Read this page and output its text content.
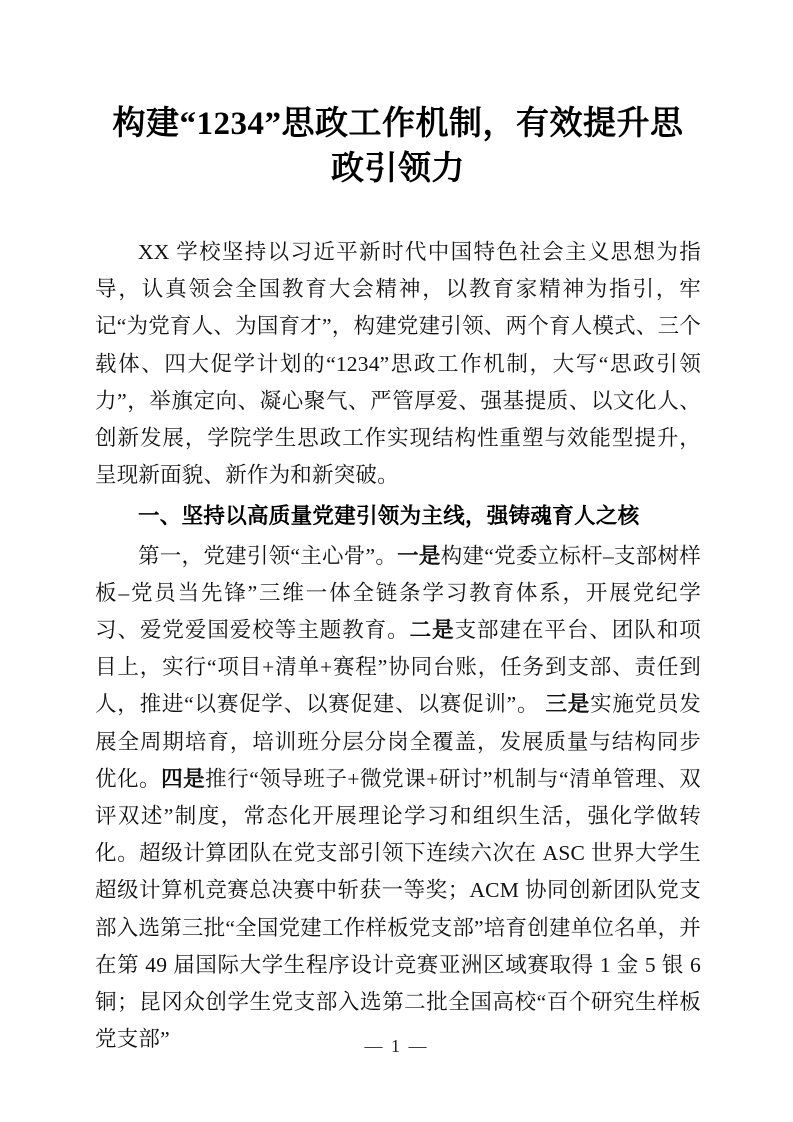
构建“1234”思政工作机制，有效提升思
政引领力

XX 学校坚持以习近平新时代中国特色社会主义思想为指导，认真领会全国教育大会精神，以教育家精神为指引，牢记“为党育人、为国育才”，构建党建引领、两个育人模式、三个载体、四大促学计划的“1234”思政工作机制，大写“思政引领力”，举旗定向、凝心聚气、严管厚爱、强基提质、以文化人、创新发展，学院学生思政工作实现结构性重塑与效能型提升，呈现新面貌、新作为和新突破。

一、坚持以高质量党建引领为主线，强铸魂育人之核

第一，党建引领“主心骨”。一是构建“党委立标杆–支部树样板–党员当先锋”三维一体全链条学习教育体系，开展党纪学习、爱党爱国爱校等主题教育。二是支部建在平台、团队和项目上，实行“项目+清单+赛程”协同台账，任务到支部、责任到人，推进“以赛促学、以赛促建、以赛促训”。 三是实施党员发展全周期培育，培训班分层分岗全覆盖，发展质量与结构同步优化。四是推行“领导班子+微党课+研讨”机制与“清单管理、双评双述”制度，常态化开展理论学习和组织生活，强化学做转化。超级计算团队在党支部引领下连续六次在 ASC 世界大学生超级计算机竞赛总决赛中斩获一等奖；ACM 协同创新团队党支部入选第三批“全国党建工作样板党支部”培育创建单位名单，并在第 49 届国际大学生程序设计竞赛亚洲区域赛取得 1 金 5 银 6 铜；昆冈众创学生党支部入选第二批全国高校“百个研究生样板党支部”	— 1 —
